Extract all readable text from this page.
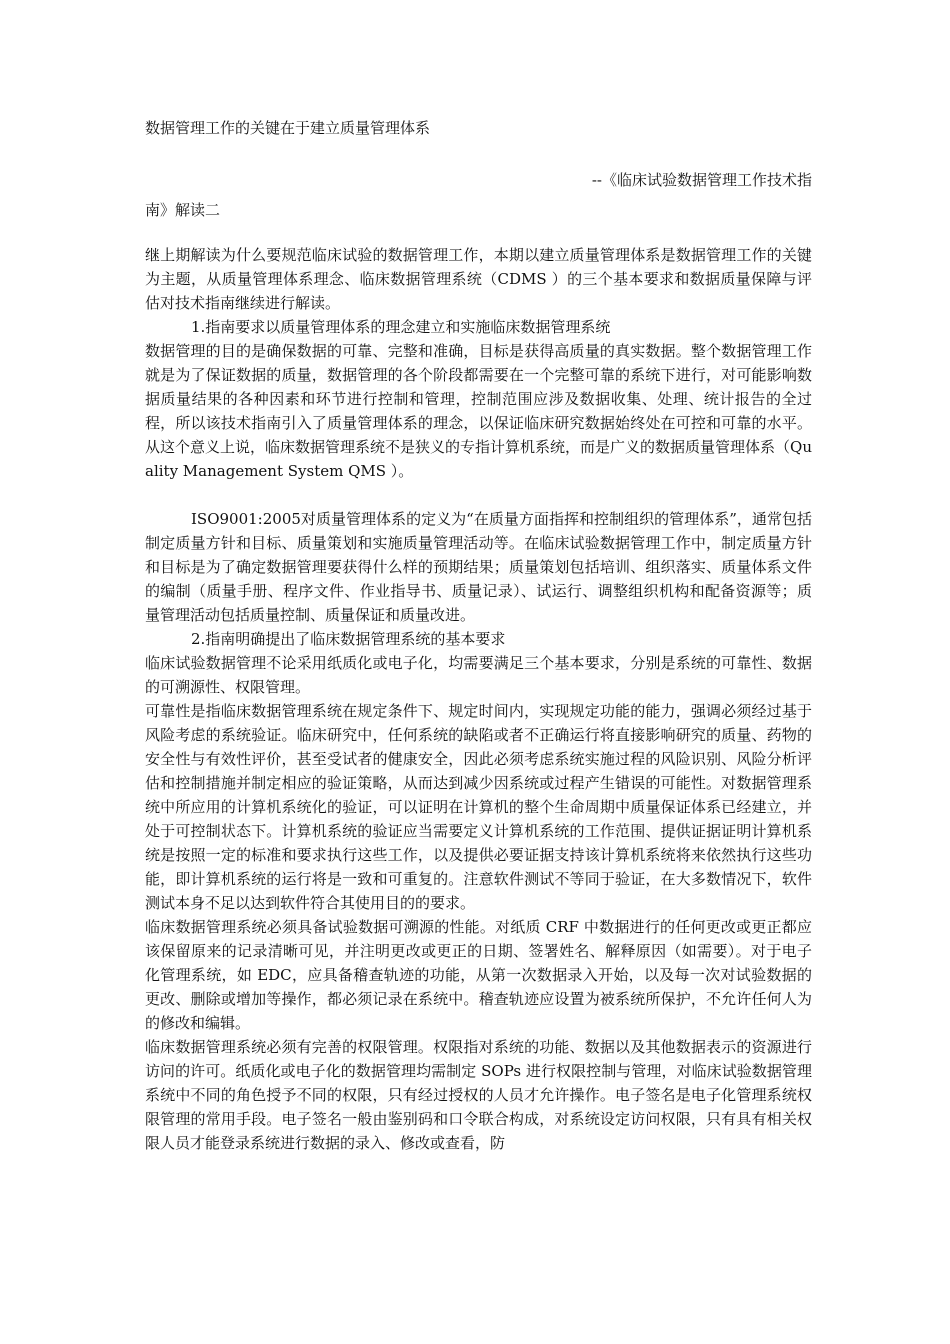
数据管理工作的关键在于建立质量管理体系
--《临床试验数据管理工作技术指
南》解读二

继上期解读为什么要规范临床试验的数据管理工作，本期以建立质量管理体系是数据管理工作的关键为主题，从质量管理体系理念、临床数据管理系统（CDMS ）的三个基本要求和数据质量保障与评估对技术指南继续进行解读。

1.指南要求以质量管理体系的理念建立和实施临床数据管理系统

数据管理的目的是确保数据的可靠、完整和准确，目标是获得高质量的真实数据。整个数据管理工作就是为了保证数据的质量，数据管理的各个阶段都需要在一个完整可靠的系统下进行，对可能影响数据质量结果的各种因素和环节进行控制和管理，控制范围应涉及数据收集、处理、统计报告的全过程，所以该技术指南引入了质量管理体系的理念，以保证临床研究数据始终处在可控和可靠的水平。从这个意义上说，临床数据管理系统不是狭义的专指计算机系统，而是广义的数据质量管理体系（Quality Management System QMS ）。

ISO9001:2005对质量管理体系的定义为“在质量方面指挥和控制组织的管理体系”，通常包括制定质量方针和目标、质量策划和实施质量管理活动等。在临床试验数据管理工作中，制定质量方针和目标是为了确定数据管理要获得什么样的预期结果；质量策划包括培训、组织落实、质量体系文件的编制（质量手册、程序文件、作业指导书、质量记录）、试运行、调整组织机构和配备资源等；质量管理活动包括质量控制、质量保证和质量改进。

2.指南明确提出了临床数据管理系统的基本要求

临床试验数据管理不论采用纸质化或电子化，均需要满足三个基本要求，分别是系统的可靠性、数据的可溯源性、权限管理。

可靠性是指临床数据管理系统在规定条件下、规定时间内，实现规定功能的能力，强调必须经过基于风险考虑的系统验证。临床研究中，任何系统的缺陷或者不正确运行将直接影响研究的质量、药物的安全性与有效性评价，甚至受试者的健康安全，因此必须考虑系统实施过程的风险识别、风险分析评估和控制措施并制定相应的验证策略，从而达到减少因系统或过程产生错误的可能性。对数据管理系统中所应用的计算机系统化的验证，可以证明在计算机的整个生命周期中质量保证体系已经建立，并处于可控制状态下。计算机系统的验证应当需要定义计算机系统的工作范围、提供证据证明计算机系统是按照一定的标准和要求执行这些工作，以及提供必要证据支持该计算机系统将来依然执行这些功能，即计算机系统的运行将是一致和可重复的。注意软件测试不等同于验证，在大多数情况下，软件测试本身不足以达到软件符合其使用目的的要求。

临床数据管理系统必须具备试验数据可溯源的性能。对纸质 CRF 中数据进行的任何更改或更正都应该保留原来的记录清晰可见，并注明更改或更正的日期、签署姓名、解释原因（如需要）。对于电子化管理系统，如 EDC，应具备稽查轨迹的功能，从第一次数据录入开始，以及每一次对试验数据的更改、删除或增加等操作，都必须记录在系统中。稽查轨迹应设置为被系统所保护，不允许任何人为的修改和编辑。

临床数据管理系统必须有完善的权限管理。权限指对系统的功能、数据以及其他数据表示的资源进行访问的许可。纸质化或电子化的数据管理均需制定 SOPs 进行权限控制与管理，对临床试验数据管理系统中不同的角色授予不同的权限，只有经过授权的人员才允许操作。电子签名是电子化管理系统权限管理的常用手段。电子签名一般由鉴别码和口令联合构成，对系统设定访问权限，只有具有相关权限人员才能登录系统进行数据的录入、修改或查看，防
